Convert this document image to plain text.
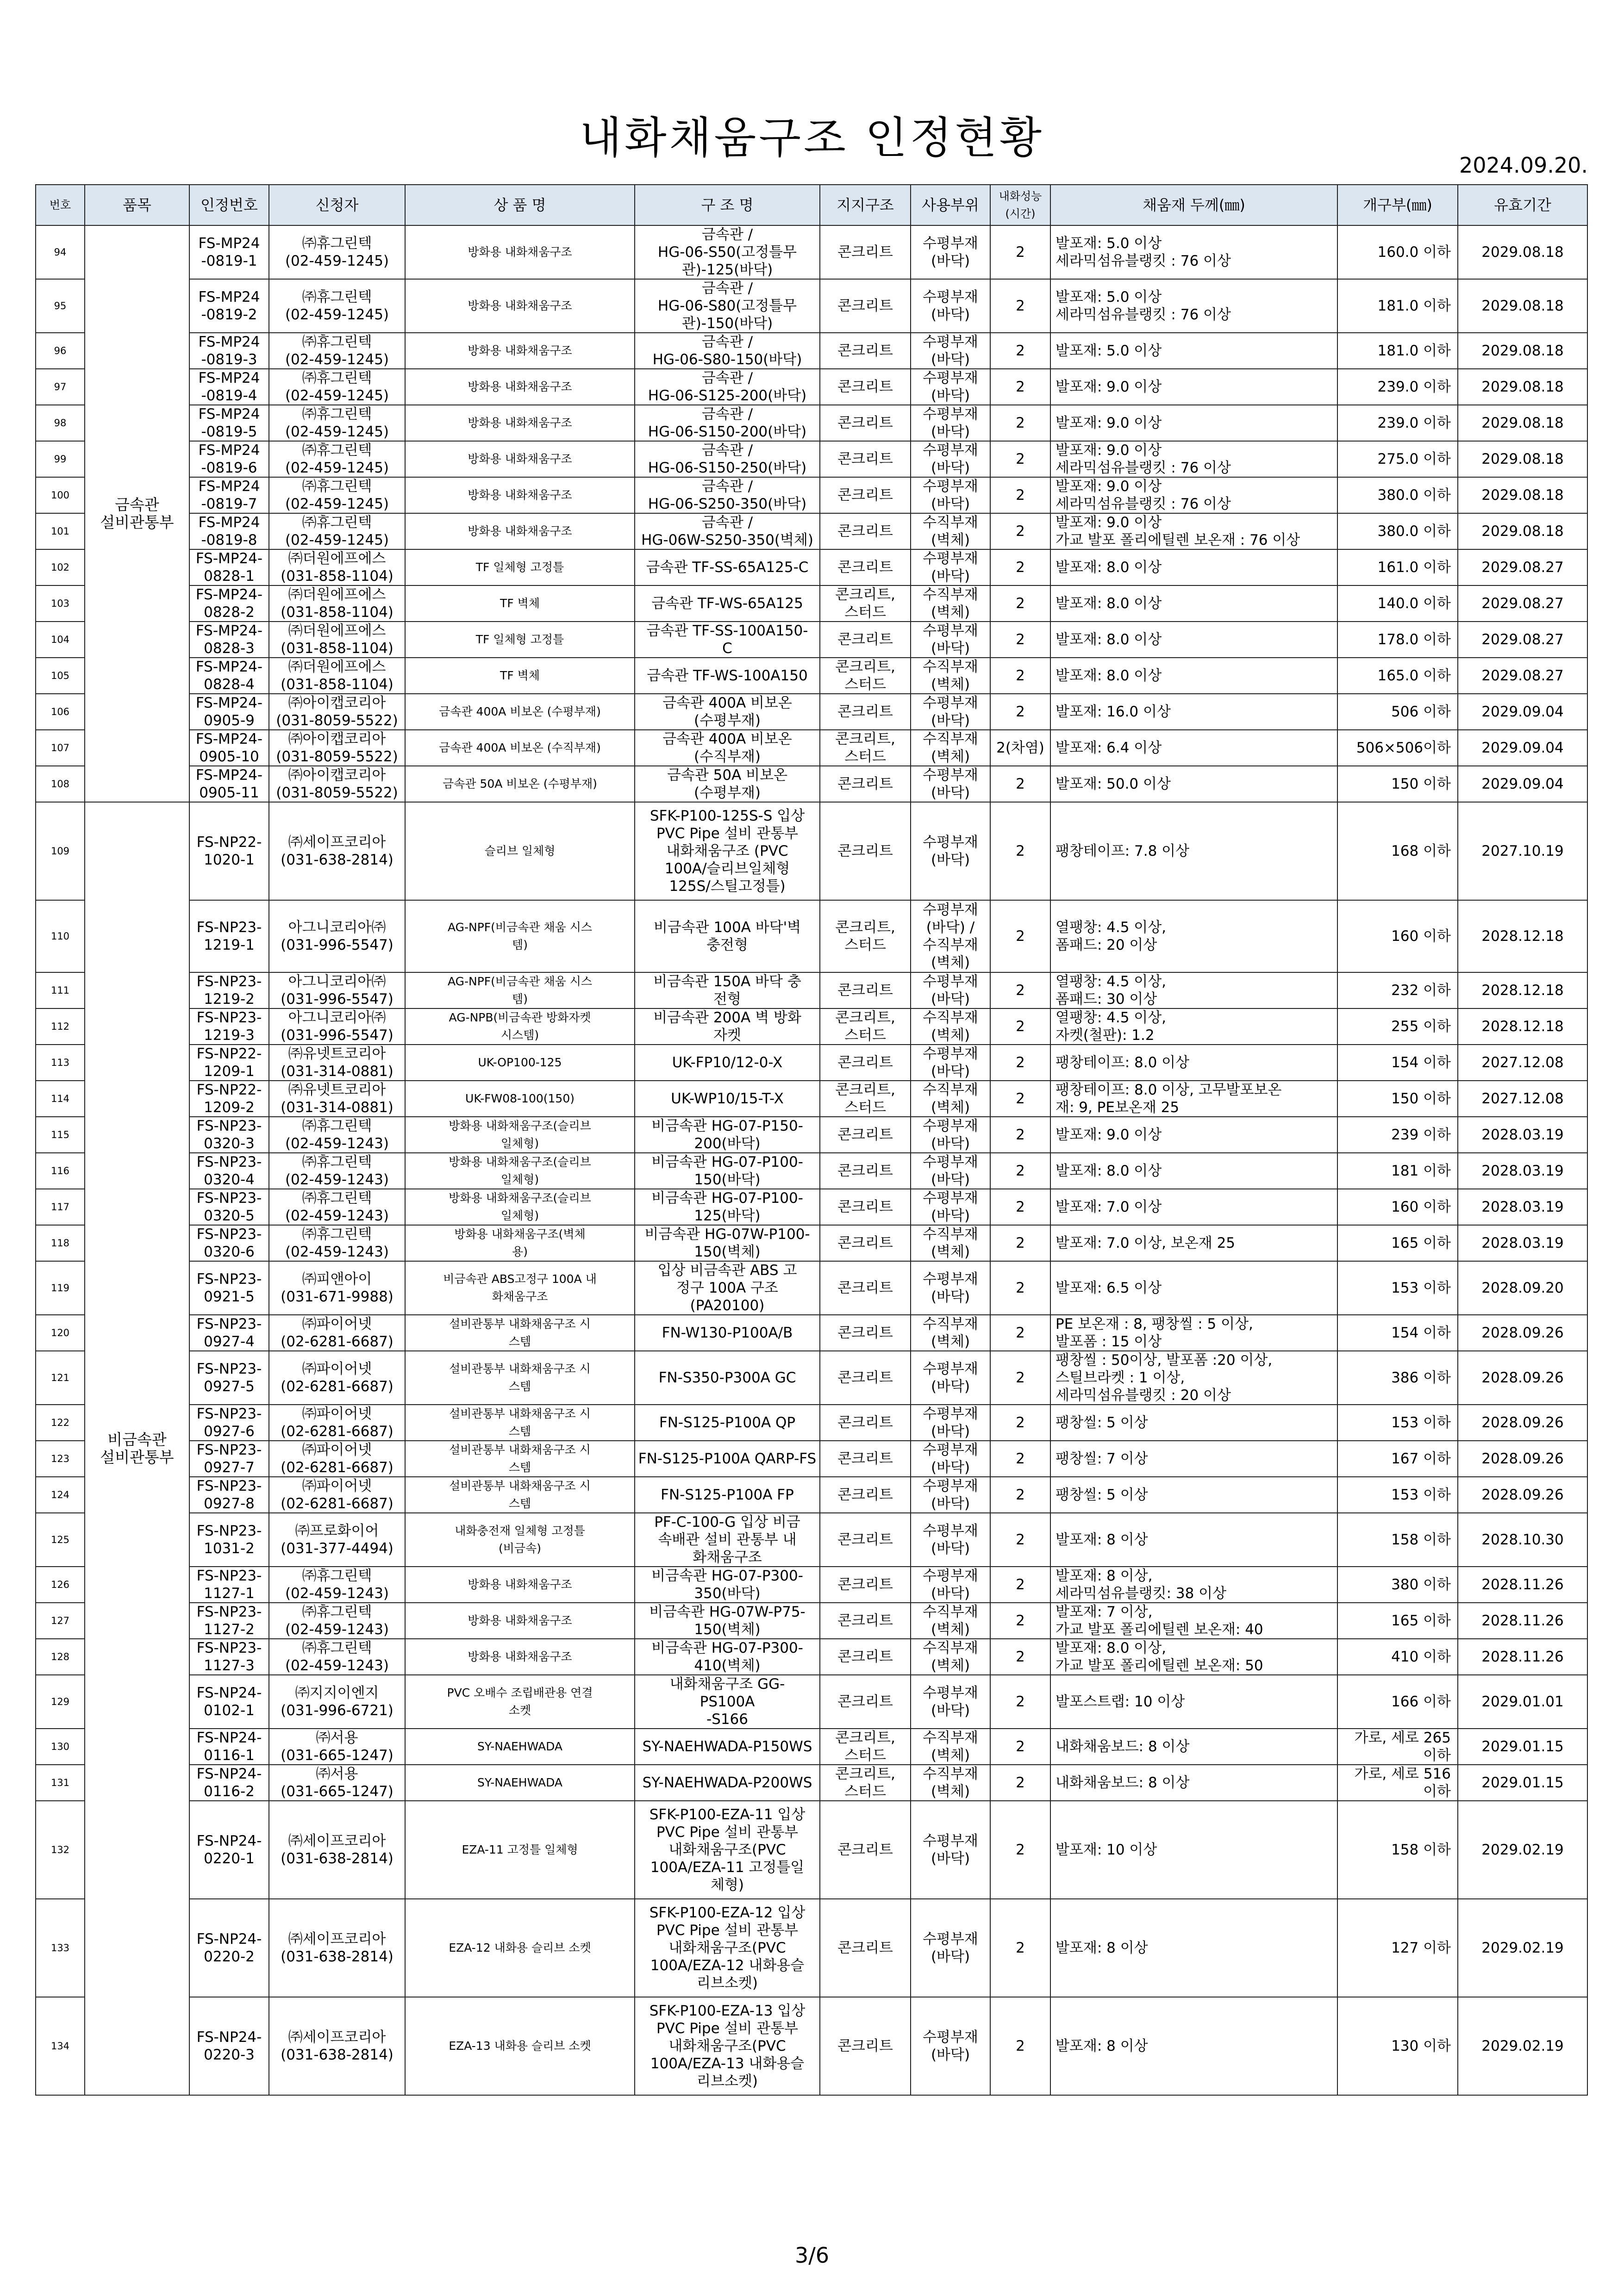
내화채움구조 인정현황
2024.09.20.
번호	품목	인정번호	신청자	상 품 명	구 조 명	지지구조	사용부위	내화성능
(시간)	채움재 두께(㎜)	개구부(㎜)	유효기간
94	금속관
설비관통부	FS-MP24
-0819-1	㈜휴그린텍
(02-459-1245)	방화용 내화채움구조	금속관 /
HG-06-S50(고정틀무
관)-125(바닥)	콘크리트	수평부재
(바닥)	2	발포재: 5.0 이상
세라믹섬유블랭킷 : 76 이상	160.0 이하	2029.08.18
95		FS-MP24
-0819-2	㈜휴그린텍
(02-459-1245)	방화용 내화채움구조	금속관 /
HG-06-S80(고정틀무
관)-150(바닥)	콘크리트	수평부재
(바닥)	2	발포재: 5.0 이상
세라믹섬유블랭킷 : 76 이상	181.0 이하	2029.08.18
96		FS-MP24
-0819-3	㈜휴그린텍
(02-459-1245)	방화용 내화채움구조	금속관 /
HG-06-S80-150(바닥)	콘크리트	수평부재
(바닥)	2	발포재: 5.0 이상	181.0 이하	2029.08.18
97		FS-MP24
-0819-4	㈜휴그린텍
(02-459-1245)	방화용 내화채움구조	금속관 /
HG-06-S125-200(바닥)	콘크리트	수평부재
(바닥)	2	발포재: 9.0 이상	239.0 이하	2029.08.18
98		FS-MP24
-0819-5	㈜휴그린텍
(02-459-1245)	방화용 내화채움구조	금속관 /
HG-06-S150-200(바닥)	콘크리트	수평부재
(바닥)	2	발포재: 9.0 이상	239.0 이하	2029.08.18
99		FS-MP24
-0819-6	㈜휴그린텍
(02-459-1245)	방화용 내화채움구조	금속관 /
HG-06-S150-250(바닥)	콘크리트	수평부재
(바닥)	2	발포재: 9.0 이상
세라믹섬유블랭킷 : 76 이상	275.0 이하	2029.08.18
100		FS-MP24
-0819-7	㈜휴그린텍
(02-459-1245)	방화용 내화채움구조	금속관 /
HG-06-S250-350(바닥)	콘크리트	수평부재
(바닥)	2	발포재: 9.0 이상
세라믹섬유블랭킷 : 76 이상	380.0 이하	2029.08.18
101		FS-MP24
-0819-8	㈜휴그린텍
(02-459-1245)	방화용 내화채움구조	금속관 /
HG-06W-S250-350(벽체)	콘크리트	수직부재
(벽체)	2	발포재: 9.0 이상
가교 발포 폴리에틸렌 보온재 : 76 이상	380.0 이하	2029.08.18
102		FS-MP24-
0828-1	㈜더원에프에스
(031-858-1104)	TF 일체형 고정틀	금속관 TF-SS-65A125-C	콘크리트	수평부재
(바닥)	2	발포재: 8.0 이상	161.0 이하	2029.08.27
103		FS-MP24-
0828-2	㈜더원에프에스
(031-858-1104)	TF 벽체	금속관 TF-WS-65A125	콘크리트,
스터드	수직부재
(벽체)	2	발포재: 8.0 이상	140.0 이하	2029.08.27
104		FS-MP24-
0828-3	㈜더원에프에스
(031-858-1104)	TF 일체형 고정틀	금속관 TF-SS-100A150-
C	콘크리트	수평부재
(바닥)	2	발포재: 8.0 이상	178.0 이하	2029.08.27
105		FS-MP24-
0828-4	㈜더원에프에스
(031-858-1104)	TF 벽체	금속관 TF-WS-100A150	콘크리트,
스터드	수직부재
(벽체)	2	발포재: 8.0 이상	165.0 이하	2029.08.27
106		FS-MP24-
0905-9	㈜아이캡코리아
(031-8059-5522)	금속관 400A 비보온 (수평부재)	금속관 400A 비보온
(수평부재)	콘크리트	수평부재
(바닥)	2	발포재: 16.0 이상	506 이하	2029.09.04
107		FS-MP24-
0905-10	㈜아이캡코리아
(031-8059-5522)	금속관 400A 비보온 (수직부재)	금속관 400A 비보온
(수직부재)	콘크리트,
스터드	수직부재
(벽체)	2(차염)	발포재: 6.4 이상	506×506이하	2029.09.04
108		FS-MP24-
0905-11	㈜아이캡코리아
(031-8059-5522)	금속관 50A 비보온 (수평부재)	금속관 50A 비보온
(수평부재)	콘크리트	수평부재
(바닥)	2	발포재: 50.0 이상	150 이하	2029.09.04
109	비금속관
설비관통부	FS-NP22-
1020-1	㈜세이프코리아
(031-638-2814)	슬리브 일체형	SFK-P100-125S-S 입상
PVC Pipe 설비 관통부
내화채움구조 (PVC
100A/슬리브일체형
125S/스틸고정틀)	콘크리트	수평부재
(바닥)	2	팽창테이프: 7.8 이상	168 이하	2027.10.19
110		FS-NP23-
1219-1	아그니코리아㈜
(031-996-5547)	AG-NPF(비금속관 채움 시스
템)	비금속관 100A 바닥'벽
충전형	콘크리트,
스터드	수평부재
(바닥) /
수직부재
(벽체)	2	열팽창: 4.5 이상,
폼패드: 20 이상	160 이하	2028.12.18
111		FS-NP23-
1219-2	아그니코리아㈜
(031-996-5547)	AG-NPF(비금속관 채움 시스
템)	비금속관 150A 바닥 충
전형	콘크리트	수평부재
(바닥)	2	열팽창: 4.5 이상,
폼패드: 30 이상	232 이하	2028.12.18
112		FS-NP23-
1219-3	아그니코리아㈜
(031-996-5547)	AG-NPB(비금속관 방화자켓
시스템)	비금속관 200A 벽 방화
자켓	콘크리트,
스터드	수직부재
(벽체)	2	열팽창: 4.5 이상,
자켓(철판): 1.2	255 이하	2028.12.18
113		FS-NP22-
1209-1	㈜유넷트코리아
(031-314-0881)	UK-OP100-125	UK-FP10/12-0-X	콘크리트	수평부재
(바닥)	2	팽창테이프: 8.0 이상	154 이하	2027.12.08
114		FS-NP22-
1209-2	㈜유넷트코리아
(031-314-0881)	UK-FW08-100(150)	UK-WP10/15-T-X	콘크리트,
스터드	수직부재
(벽체)	2	팽창테이프: 8.0 이상, 고무발포보온
재: 9, PE보온재 25	150 이하	2027.12.08
115		FS-NP23-
0320-3	㈜휴그린텍
(02-459-1243)	방화용 내화채움구조(슬리브
일체형)	비금속관 HG-07-P150-
200(바닥)	콘크리트	수평부재
(바닥)	2	발포재: 9.0 이상	239 이하	2028.03.19
116		FS-NP23-
0320-4	㈜휴그린텍
(02-459-1243)	방화용 내화채움구조(슬리브
일체형)	비금속관 HG-07-P100-
150(바닥)	콘크리트	수평부재
(바닥)	2	발포재: 8.0 이상	181 이하	2028.03.19
117		FS-NP23-
0320-5	㈜휴그린텍
(02-459-1243)	방화용 내화채움구조(슬리브
일체형)	비금속관 HG-07-P100-
125(바닥)	콘크리트	수평부재
(바닥)	2	발포재: 7.0 이상	160 이하	2028.03.19
118		FS-NP23-
0320-6	㈜휴그린텍
(02-459-1243)	방화용 내화채움구조(벽체
용)	비금속관 HG-07W-P100-
150(벽체)	콘크리트	수직부재
(벽체)	2	발포재: 7.0 이상, 보온재 25	165 이하	2028.03.19
119		FS-NP23-
0921-5	㈜피앤아이
(031-671-9988)	비금속관 ABS고정구 100A 내
화채움구조	입상 비금속관 ABS 고
정구 100A 구조
(PA20100)	콘크리트	수평부재
(바닥)	2	발포재: 6.5 이상	153 이하	2028.09.20
120		FS-NP23-
0927-4	㈜파이어넷
(02-6281-6687)	설비관통부 내화채움구조 시
스템	FN-W130-P100A/B	콘크리트	수직부재
(벽체)	2	PE 보온재 : 8, 팽창씰 : 5 이상,
발포폼 : 15 이상	154 이하	2028.09.26
121		FS-NP23-
0927-5	㈜파이어넷
(02-6281-6687)	설비관통부 내화채움구조 시
스템	FN-S350-P300A GC	콘크리트	수평부재
(바닥)	2	팽창씰 : 50이상, 발포폼 :20 이상,
스틸브라켓 : 1 이상,
세라믹섬유블랭킷 : 20 이상	386 이하	2028.09.26
122		FS-NP23-
0927-6	㈜파이어넷
(02-6281-6687)	설비관통부 내화채움구조 시
스템	FN-S125-P100A QP	콘크리트	수평부재
(바닥)	2	팽창씰: 5 이상	153 이하	2028.09.26
123		FS-NP23-
0927-7	㈜파이어넷
(02-6281-6687)	설비관통부 내화채움구조 시
스템	FN-S125-P100A QARP-FS	콘크리트	수평부재
(바닥)	2	팽창씰: 7 이상	167 이하	2028.09.26
124		FS-NP23-
0927-8	㈜파이어넷
(02-6281-6687)	설비관통부 내화채움구조 시
스템	FN-S125-P100A FP	콘크리트	수평부재
(바닥)	2	팽창씰: 5 이상	153 이하	2028.09.26
125		FS-NP23-
1031-2	㈜프로화이어
(031-377-4494)	내화충전재 일체형 고정틀
(비금속)	PF-C-100-G 입상 비금
속배관 설비 관통부 내
화채움구조	콘크리트	수평부재
(바닥)	2	발포재: 8 이상	158 이하	2028.10.30
126		FS-NP23-
1127-1	㈜휴그린텍
(02-459-1243)	방화용 내화채움구조	비금속관 HG-07-P300-
350(바닥)	콘크리트	수평부재
(바닥)	2	발포재: 8 이상,
세라믹섬유블랭킷: 38 이상	380 이하	2028.11.26
127		FS-NP23-
1127-2	㈜휴그린텍
(02-459-1243)	방화용 내화채움구조	비금속관 HG-07W-P75-
150(벽체)	콘크리트	수직부재
(벽체)	2	발포재: 7 이상,
가교 발포 폴리에틸렌 보온재: 40	165 이하	2028.11.26
128		FS-NP23-
1127-3	㈜휴그린텍
(02-459-1243)	방화용 내화채움구조	비금속관 HG-07-P300-
410(벽체)	콘크리트	수직부재
(벽체)	2	발포재: 8.0 이상,
가교 발포 폴리에틸렌 보온재: 50	410 이하	2028.11.26
129		FS-NP24-
0102-1	㈜지지이엔지
(031-996-6721)	PVC 오배수 조립배관용 연결
소켓	내화채움구조 GG-
PS100A
-S166	콘크리트	수평부재
(바닥)	2	발포스트랩: 10 이상	166 이하	2029.01.01
130		FS-NP24-
0116-1	㈜서용
(031-665-1247)	SY-NAEHWADA	SY-NAEHWADA-P150WS	콘크리트,
스터드	수직부재
(벽체)	2	내화채움보드: 8 이상	가로, 세로 265
이하	2029.01.15
131		FS-NP24-
0116-2	㈜서용
(031-665-1247)	SY-NAEHWADA	SY-NAEHWADA-P200WS	콘크리트,
스터드	수직부재
(벽체)	2	내화채움보드: 8 이상	가로, 세로 516
이하	2029.01.15
132		FS-NP24-
0220-1	㈜세이프코리아
(031-638-2814)	EZA-11 고정틀 일체형	SFK-P100-EZA-11 입상
PVC Pipe 설비 관통부
내화채움구조(PVC
100A/EZA-11 고정틀일
체형)	콘크리트	수평부재
(바닥)	2	발포재: 10 이상	158 이하	2029.02.19
133		FS-NP24-
0220-2	㈜세이프코리아
(031-638-2814)	EZA-12 내화용 슬리브 소켓	SFK-P100-EZA-12 입상
PVC Pipe 설비 관통부
내화채움구조(PVC
100A/EZA-12 내화용슬
리브소켓)	콘크리트	수평부재
(바닥)	2	발포재: 8 이상	127 이하	2029.02.19
134		FS-NP24-
0220-3	㈜세이프코리아
(031-638-2814)	EZA-13 내화용 슬리브 소켓	SFK-P100-EZA-13 입상
PVC Pipe 설비 관통부
내화채움구조(PVC
100A/EZA-13 내화용슬
리브소켓)	콘크리트	수평부재
(바닥)	2	발포재: 8 이상	130 이하	2029.02.19
3/6
